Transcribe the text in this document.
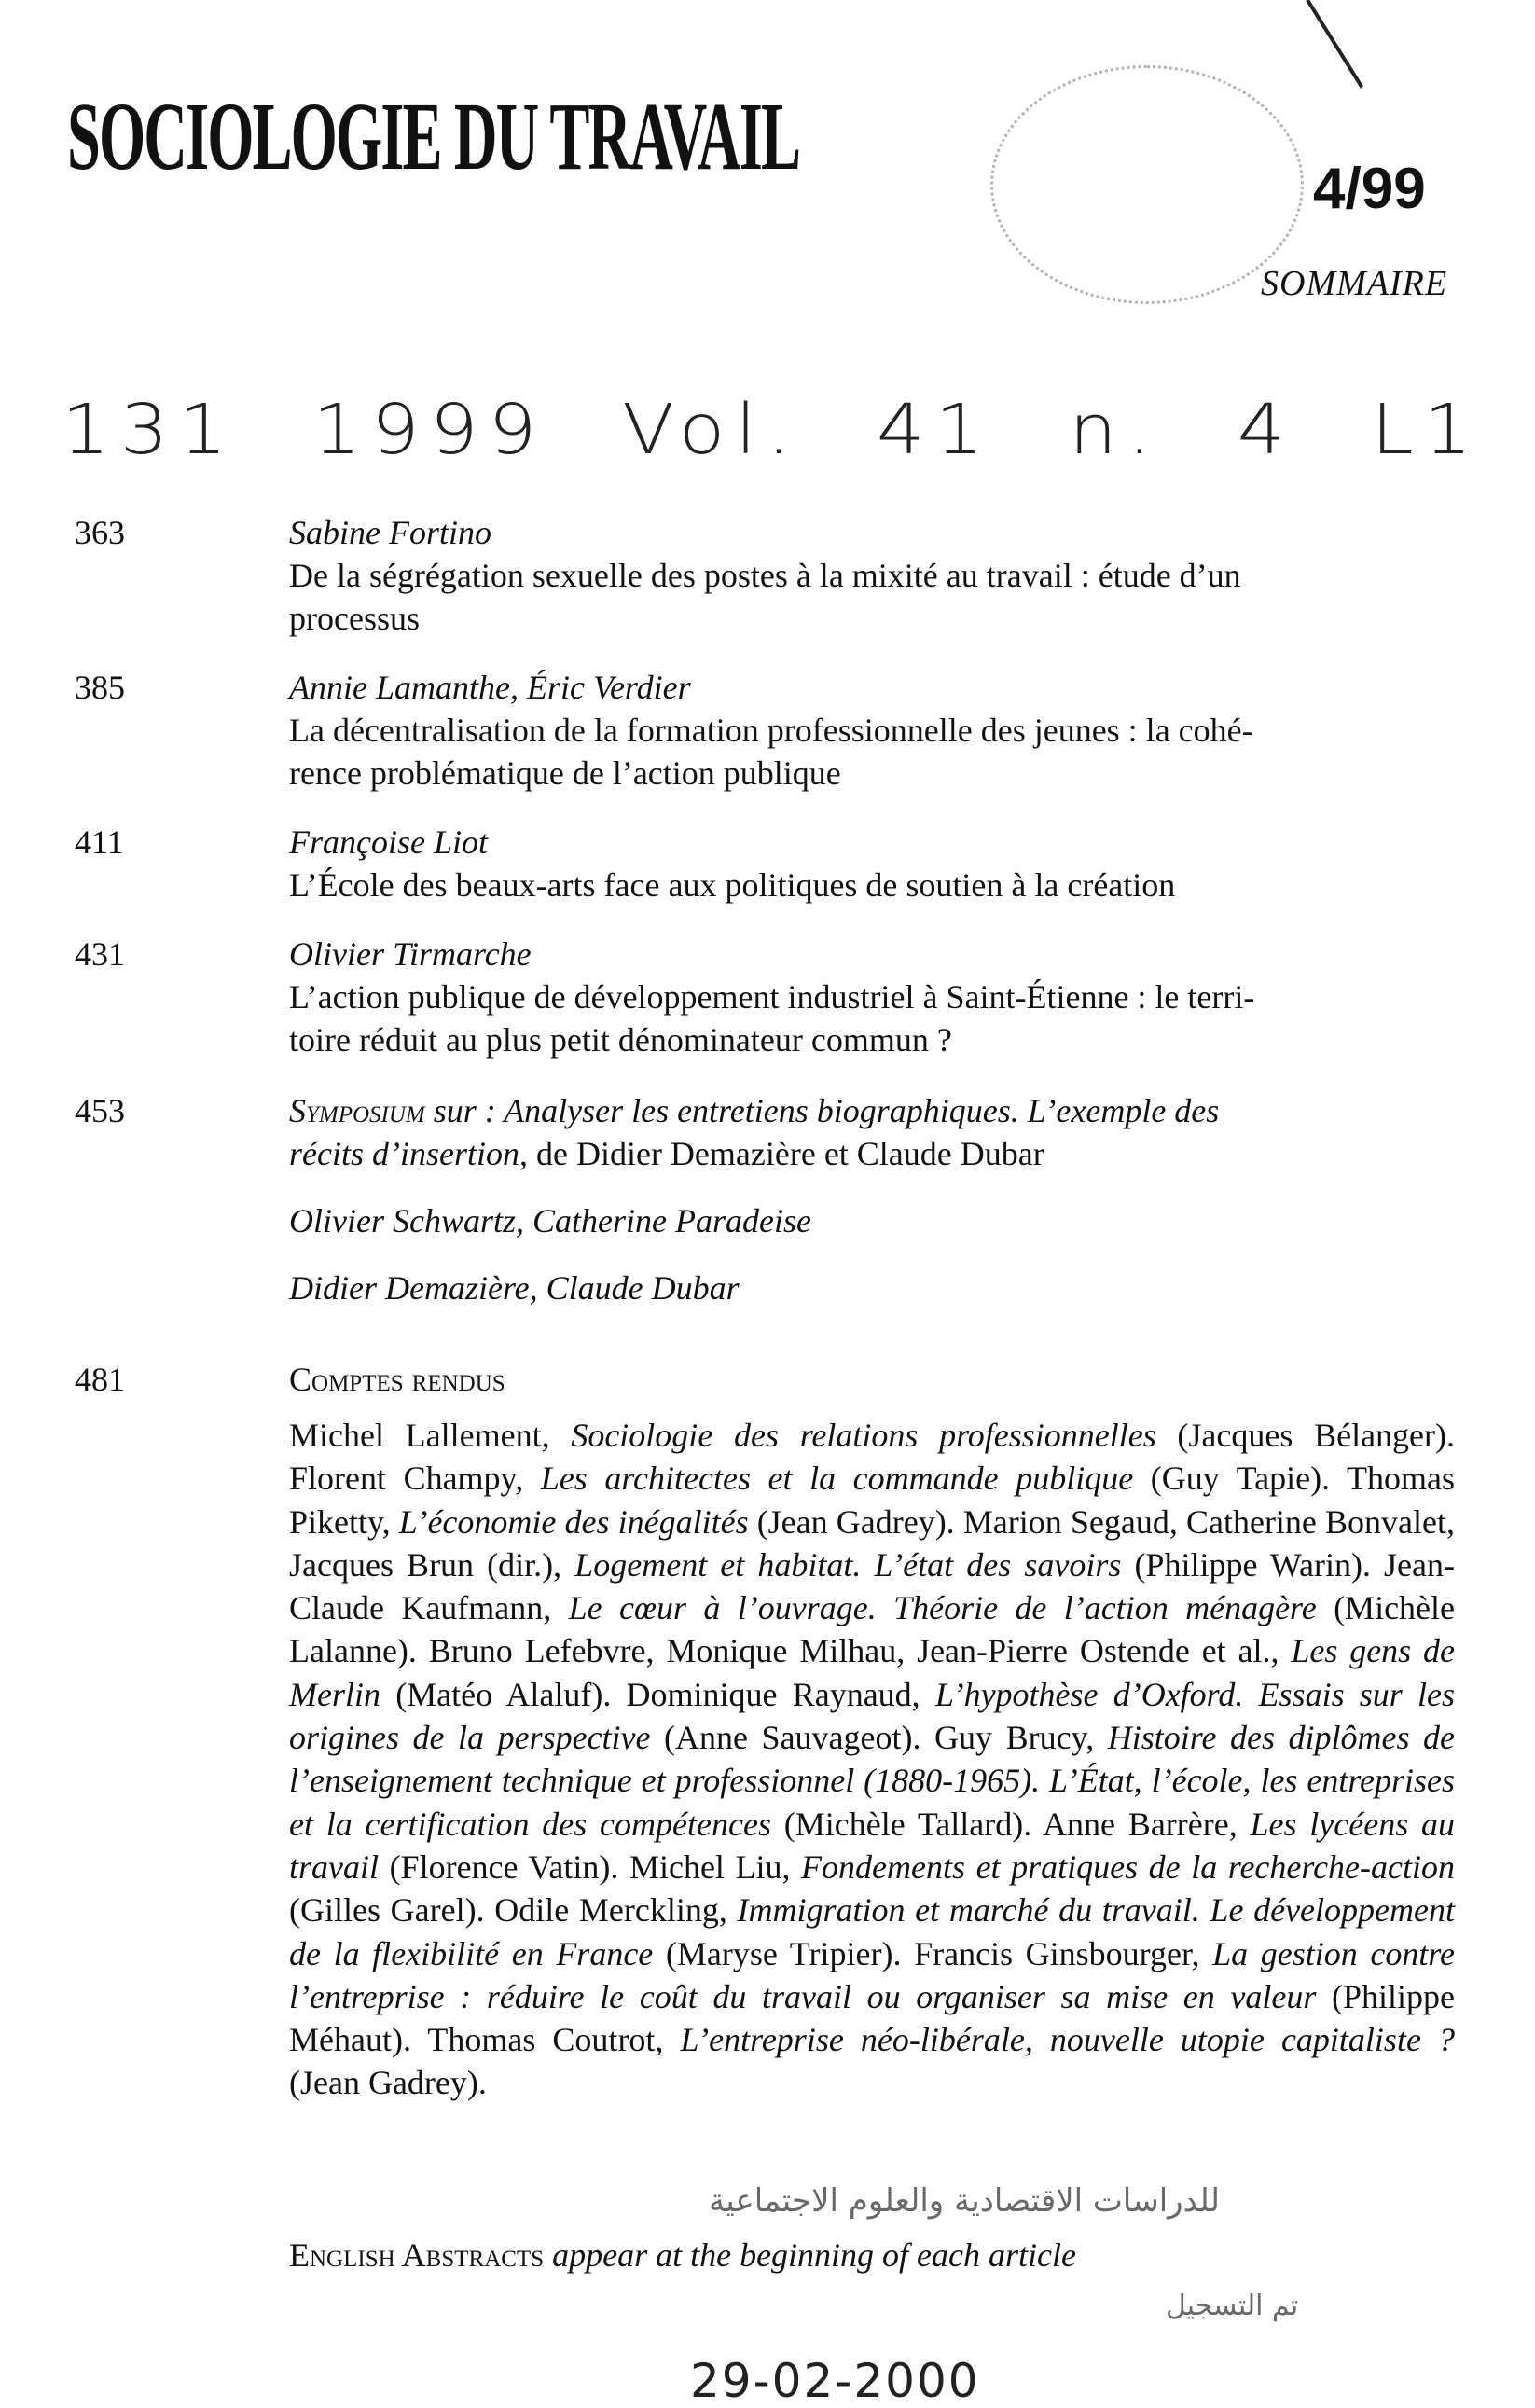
SOCIOLOGIE DU TRAVAIL	4/99
SOMMAIRE
131 1999 Vol. 41 n. 4 L1
363	Sabine Fortino
De la ségrégation sexuelle des postes à la mixité au travail : étude d’un
processus
385	Annie Lamanthe, Éric Verdier
La décentralisation de la formation professionnelle des jeunes : la cohé-
rence problématique de l’action publique
411	Françoise Liot
L’École des beaux-arts face aux politiques de soutien à la création
431	Olivier Tirmarche
L’action publique de développement industriel à Saint-Étienne : le terri-
toire réduit au plus petit dénominateur commun ?
453	Symposium sur : Analyser les entretiens biographiques. L’exemple des
récits d’insertion, de Didier Demazière et Claude Dubar
Olivier Schwartz, Catherine Paradeise
Didier Demazière, Claude Dubar
481	Comptes rendus

Michel Lallement, Sociologie des relations professionnelles (Jacques Bélanger). Florent Champy, Les architectes et la commande publique (Guy Tapie). Thomas Piketty, L’économie des inégalités (Jean Gadrey). Marion Segaud, Catherine Bonvalet, Jacques Brun (dir.), Logement et habitat. L’état des savoirs (Philippe Warin). Jean-Claude Kaufmann, Le cœur à l’ouvrage. Théorie de l’action ménagère (Michèle Lalanne). Bruno Lefebvre, Monique Milhau, Jean-Pierre Ostende et al., Les gens de Merlin (Matéo Alaluf). Dominique Raynaud, L’hypothèse d’Oxford. Essais sur les origines de la perspective (Anne Sauvageot). Guy Brucy, Histoire des diplômes de l’enseignement technique et professionnel (1880-1965). L’État, l’école, les entreprises et la certification des compétences (Michèle Tallard). Anne Barrère, Les lycéens au travail (Florence Vatin). Michel Liu, Fondements et pratiques de la recherche-action (Gilles Garel). Odile Merckling, Immigration et marché du travail. Le développement de la flexibilité en France (Maryse Tripier). Francis Ginsbourger, La gestion contre l’entreprise : réduire le coût du travail ou organiser sa mise en valeur (Philippe Méhaut). Thomas Coutrot, L’entreprise néo-libérale, nouvelle utopie capitaliste ? (Jean Gadrey).

للدراسات الاقتصادية والعلوم الاجتماعية
English Abstracts appear at the beginning of each article
تم التسجيل
29-02-2000
